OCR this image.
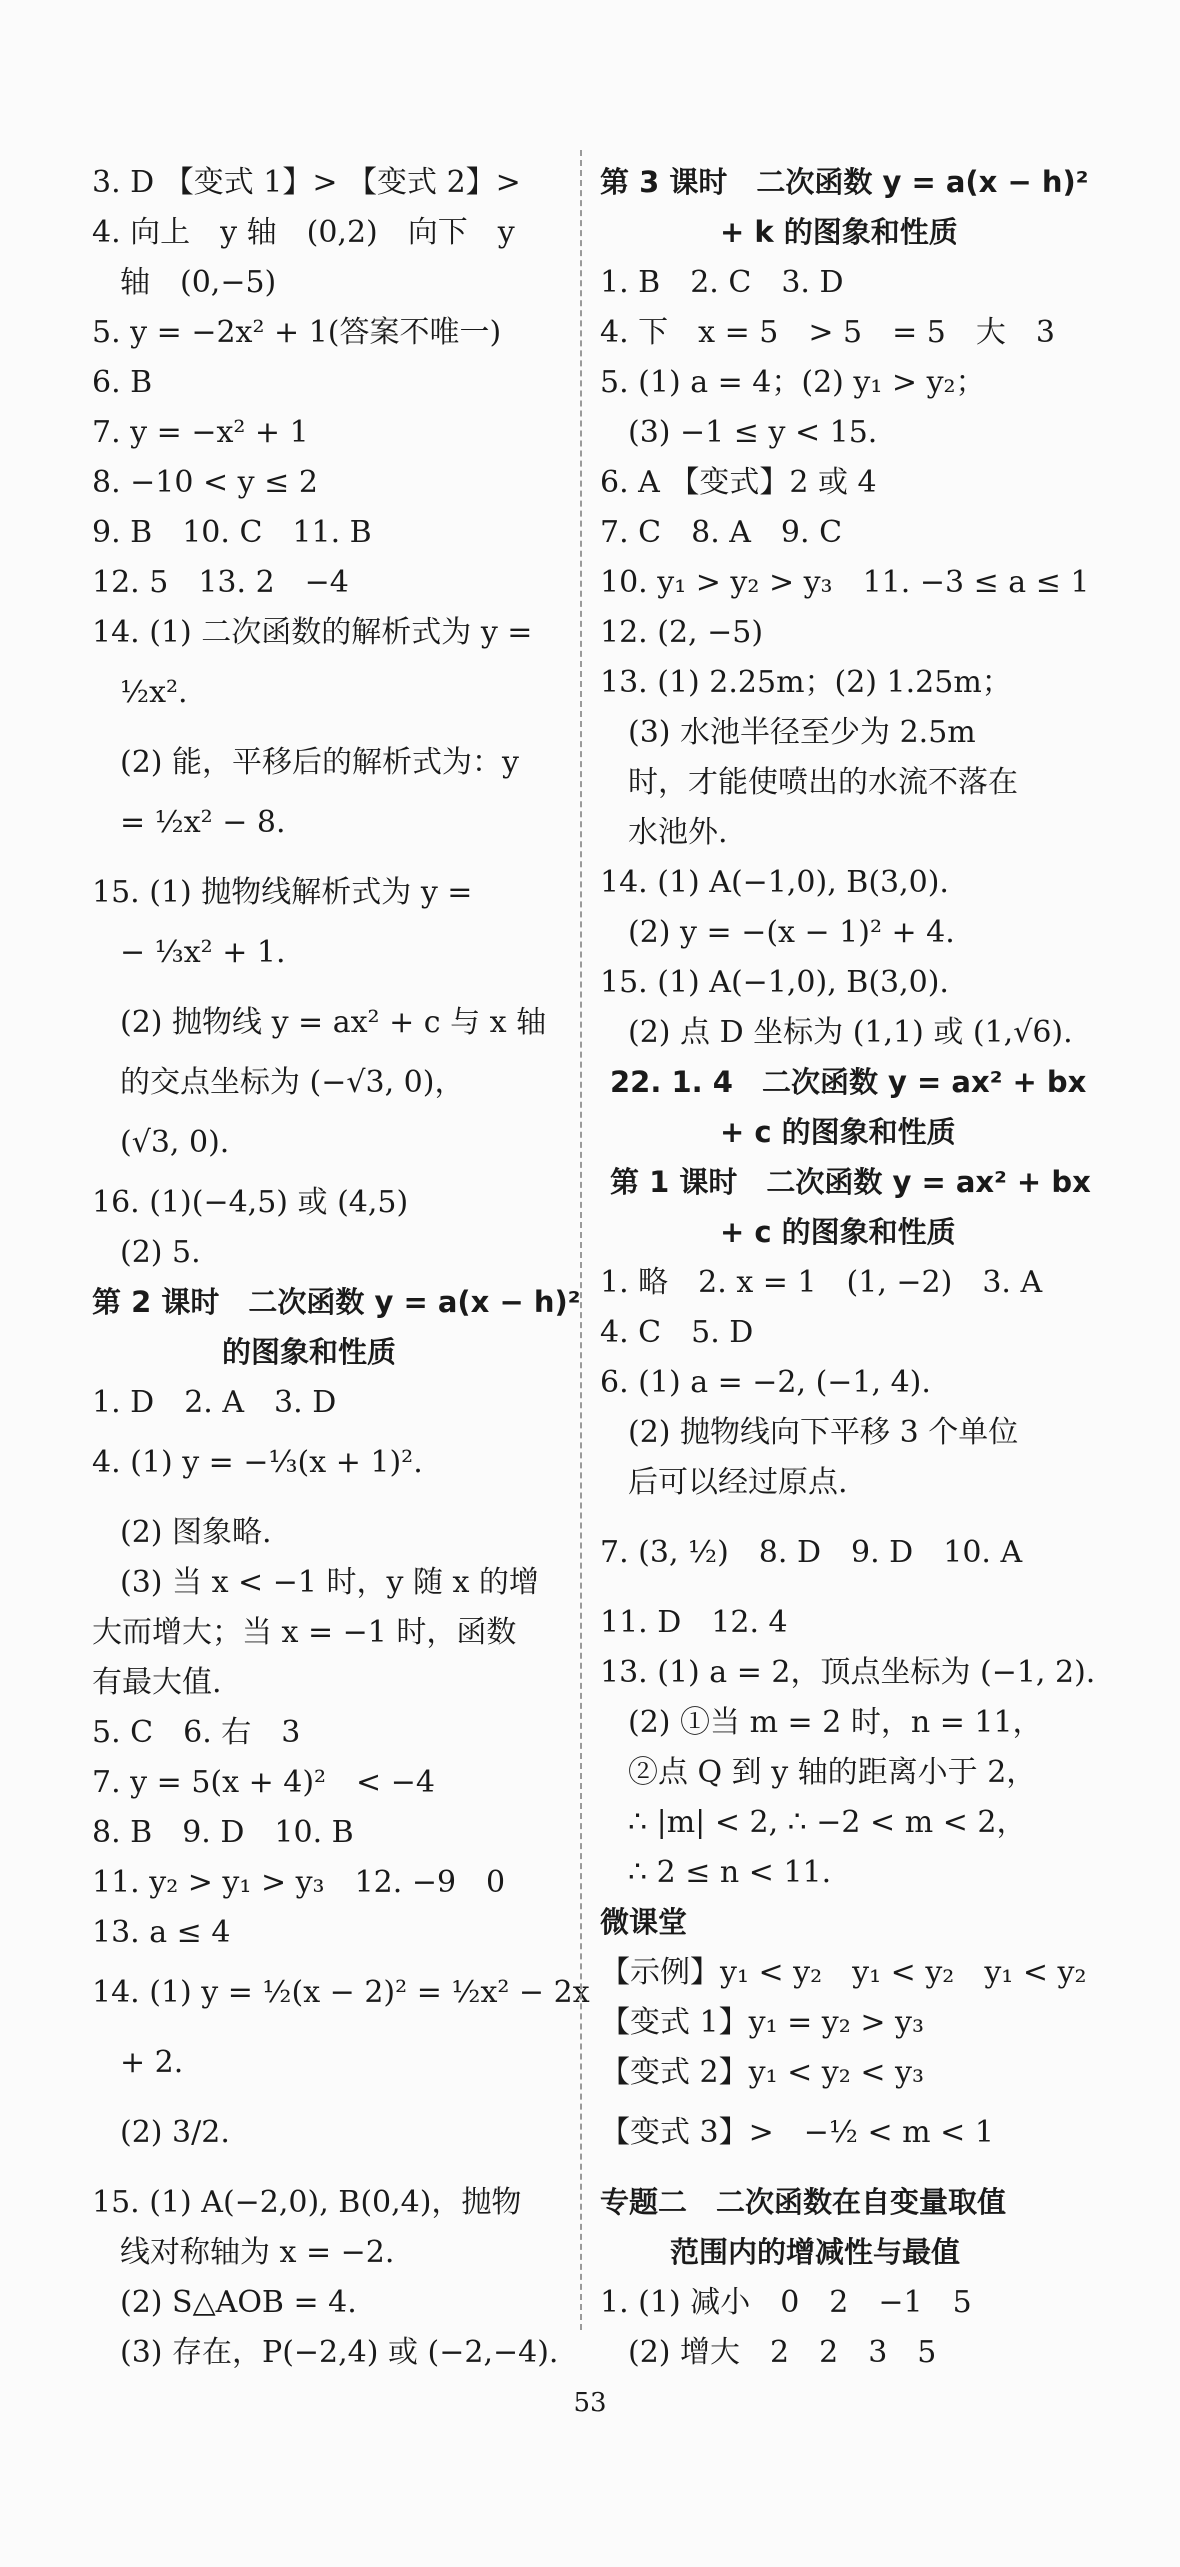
3. D 【变式 1】> 【变式 2】>
4. 向上　y 轴　(0,2)　向下　y
轴　(0,−5)
5. y = −2x² + 1(答案不唯一)
6. B
7. y = −x² + 1
8. −10 < y ≤ 2
9. B　10. C　11. B
12. 5　13. 2　−4
14. (1) 二次函数的解析式为 y =
½x².
(2) 能，平移后的解析式为：y
= ½x² − 8.
15. (1) 抛物线解析式为 y =
− ⅓x² + 1.
(2) 抛物线 y = ax² + c 与 x 轴
的交点坐标为 (−√3, 0)，
(√3, 0).
16. (1)(−4,5) 或 (4,5)
(2) 5.
第 2 课时　二次函数 y = a(x − h)²
的图象和性质
1. D　2. A　3. D
4. (1) y = −⅓(x + 1)².
(2) 图象略.
(3) 当 x < −1 时，y 随 x 的增
大而增大；当 x = −1 时，函数
有最大值.
5. C　6. 右　3
7. y = 5(x + 4)²　< −4
8. B　9. D　10. B
11. y₂ > y₁ > y₃　12. −9　0
13. a ≤ 4
14. (1) y = ½(x − 2)² = ½x² − 2x
+ 2.
(2) 3/2.
15. (1) A(−2,0), B(0,4)，抛物
线对称轴为 x = −2.
(2) S△AOB = 4.
(3) 存在，P(−2,4) 或 (−2,−4).
第 3 课时　二次函数 y = a(x − h)²
+ k 的图象和性质
1. B　2. C　3. D
4. 下　x = 5　> 5　= 5　大　3
5. (1) a = 4；(2) y₁ > y₂；
(3) −1 ≤ y < 15.
6. A 【变式】2 或 4
7. C　8. A　9. C
10. y₁ > y₂ > y₃　11. −3 ≤ a ≤ 1
12. (2, −5)
13. (1) 2.25m；(2) 1.25m；
(3) 水池半径至少为 2.5m
时，才能使喷出的水流不落在
水池外.
14. (1) A(−1,0), B(3,0).
(2) y = −(x − 1)² + 4.
15. (1) A(−1,0), B(3,0).
(2) 点 D 坐标为 (1,1) 或 (1,√6).
22. 1. 4　二次函数 y = ax² + bx
+ c 的图象和性质
第 1 课时　二次函数 y = ax² + bx
+ c 的图象和性质
1. 略　2. x = 1　(1, −2)　3. A
4. C　5. D
6. (1) a = −2, (−1, 4).
(2) 抛物线向下平移 3 个单位
后可以经过原点.
7. (3, ½)　8. D　9. D　10. A
11. D　12. 4
13. (1) a = 2，顶点坐标为 (−1, 2).
(2) ①当 m = 2 时，n = 11，
②点 Q 到 y 轴的距离小于 2，
∴ |m| < 2, ∴ −2 < m < 2，
∴ 2 ≤ n < 11.
微课堂
【示例】y₁ < y₂　y₁ < y₂　y₁ < y₂
【变式 1】y₁ = y₂ > y₃
【变式 2】y₁ < y₂ < y₃
【变式 3】>　−½ < m < 1
专题二　二次函数在自变量取值
范围内的增减性与最值
1. (1) 减小　0　2　−1　5
(2) 增大　2　2　3　5
53
